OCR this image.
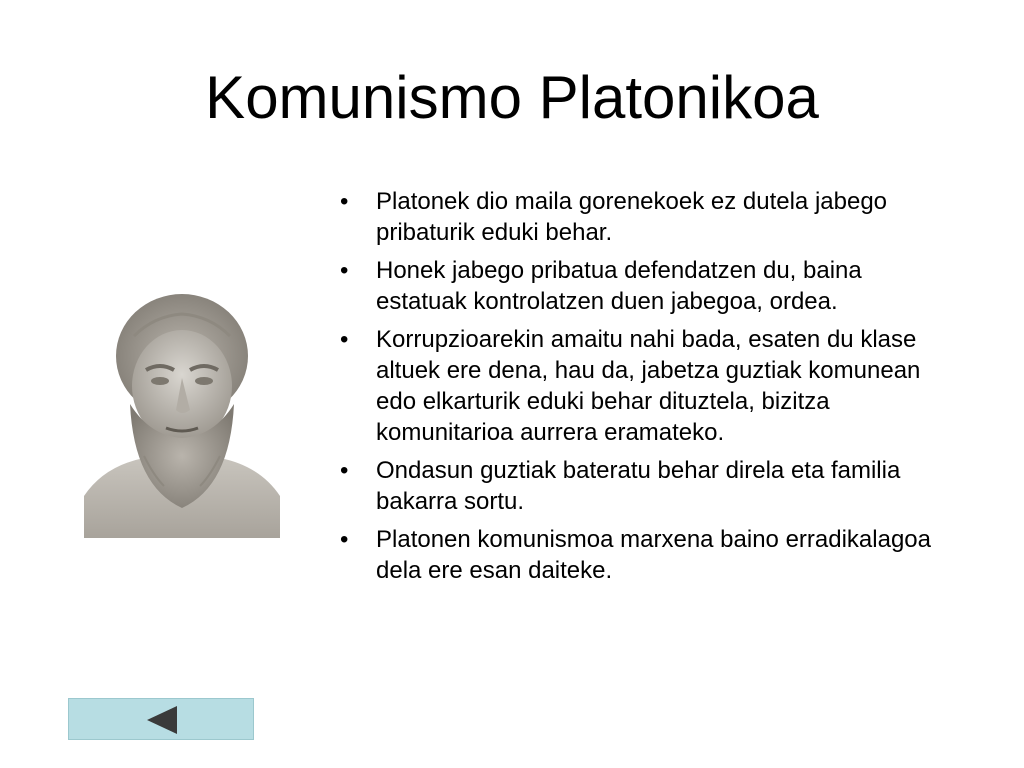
Komunismo Platonikoa
• Platonek dio maila gorenekoek ez dutela jabego pribaturik eduki behar.
• Honek jabego pribatua defendatzen du, baina estatuak kontrolatzen duen jabegoa, ordea.
• Korrupzioarekin amaitu nahi bada, esaten du klase altuek ere dena, hau da, jabetza guztiak komunean edo elkarturik eduki behar dituztela, bizitza komunitarioa aurrera eramateko.
• Ondasun guztiak bateratu behar direla eta familia bakarra sortu.
• Platonen komunismoa marxena baino erradikalagoa dela ere esan daiteke.
